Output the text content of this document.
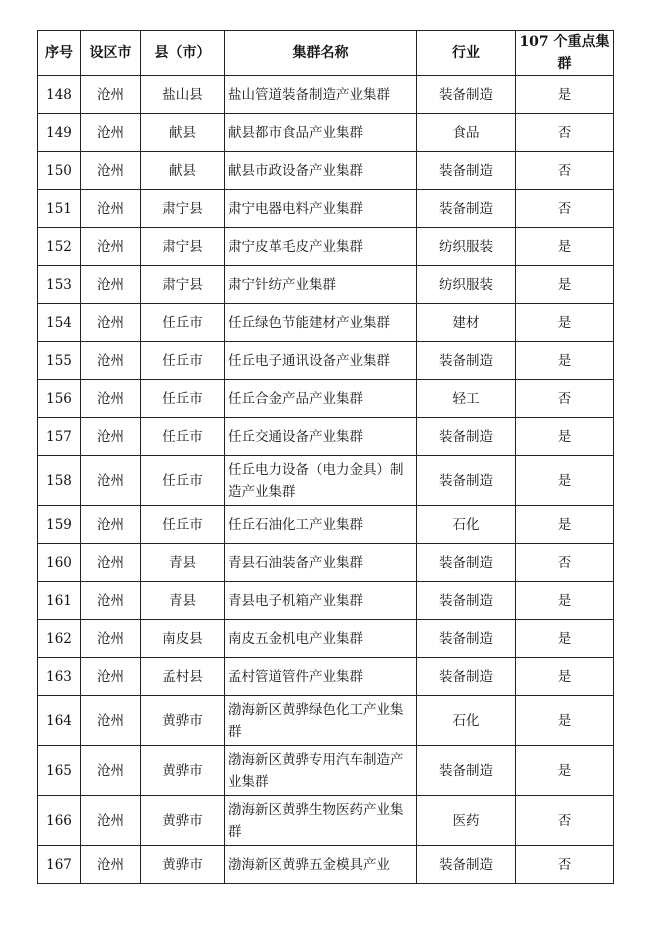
序号	设区市	县（市）	集群名称	行业	107 个重点集群
148	沧州	盐山县	盐山管道装备制造产业集群	装备制造	是
149	沧州	献县	献县都市食品产业集群	食品	否
150	沧州	献县	献县市政设备产业集群	装备制造	否
151	沧州	肃宁县	肃宁电器电料产业集群	装备制造	否
152	沧州	肃宁县	肃宁皮革毛皮产业集群	纺织服装	是
153	沧州	肃宁县	肃宁针纺产业集群	纺织服装	是
154	沧州	任丘市	任丘绿色节能建材产业集群	建材	是
155	沧州	任丘市	任丘电子通讯设备产业集群	装备制造	是
156	沧州	任丘市	任丘合金产品产业集群	轻工	否
157	沧州	任丘市	任丘交通设备产业集群	装备制造	是
158	沧州	任丘市	任丘电力设备（电力金具）制造产业集群	装备制造	是
159	沧州	任丘市	任丘石油化工产业集群	石化	是
160	沧州	青县	青县石油装备产业集群	装备制造	否
161	沧州	青县	青县电子机箱产业集群	装备制造	是
162	沧州	南皮县	南皮五金机电产业集群	装备制造	是
163	沧州	孟村县	孟村管道管件产业集群	装备制造	是
164	沧州	黄骅市	渤海新区黄骅绿色化工产业集群	石化	是
165	沧州	黄骅市	渤海新区黄骅专用汽车制造产业集群	装备制造	是
166	沧州	黄骅市	渤海新区黄骅生物医药产业集群	医药	否
167	沧州	黄骅市	渤海新区黄骅五金模具产业	装备制造	否
